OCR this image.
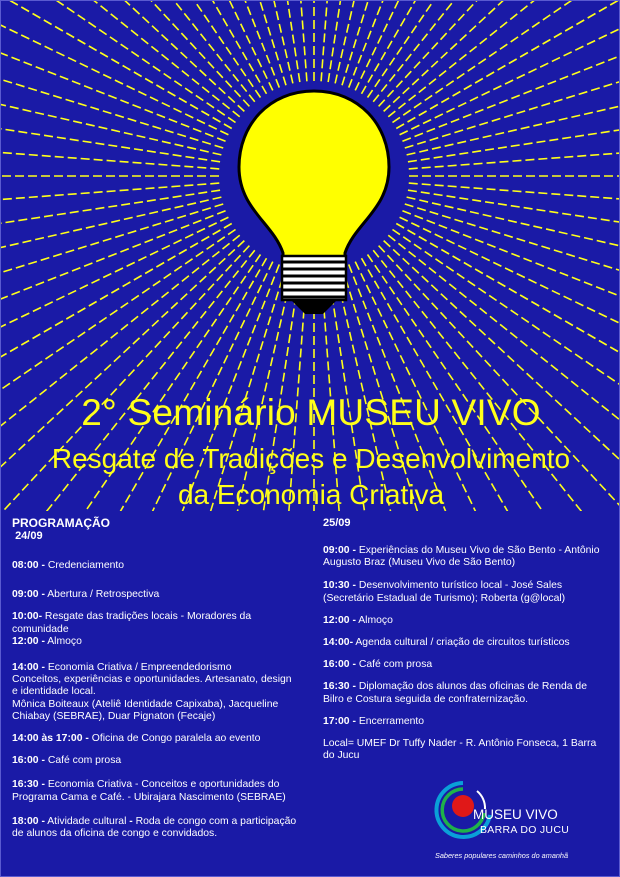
2° Seminário MUSEU VIVO
Resgate de Tradições e Desenvolvimento
da Economia Criativa
PROGRAMAÇÃO
24/09
08:00 - Credenciamento
09:00 - Abertura / Retrospectiva
10:00- Resgate das tradições locais - Moradores da comunidade
12:00 - Almoço
14:00 - Economia Criativa / Empreendedorismo
Conceitos, experiências e oportunidades. Artesanato, design e identidade local.
Mônica Boiteaux (Ateliê Identidade Capixaba), Jacqueline Chiabay (SEBRAE), Duar Pignaton (Fecaje)
14:00 às 17:00 - Oficina de Congo paralela ao evento
16:00 - Café com prosa
16:30 - Economia Criativa - Conceitos e oportunidades do Programa Cama e Café. - Ubirajara Nascimento (SEBRAE)
18:00 - Atividade cultural - Roda de congo com a participação de alunos da oficina de congo e convidados.
25/09
09:00 - Experiências do Museu Vivo de São Bento - Antônio Augusto Braz (Museu Vivo de São Bento)
10:30 - Desenvolvimento turístico local - José Sales (Secretário Estadual de Turismo); Roberta (g@local)
12:00 - Almoço
14:00- Agenda cultural / criação de circuitos turísticos
16:00 - Café com prosa
16:30 - Diplomação dos alunos das oficinas de Renda de Bilro e Costura seguida de confraternização.
17:00 - Encerramento
Local= UMEF Dr Tuffy Nader - R. Antônio Fonseca, 1 Barra do Jucu
MUSEU VIVO
BARRA DO JUCU
Saberes populares caminhos do amanhã
